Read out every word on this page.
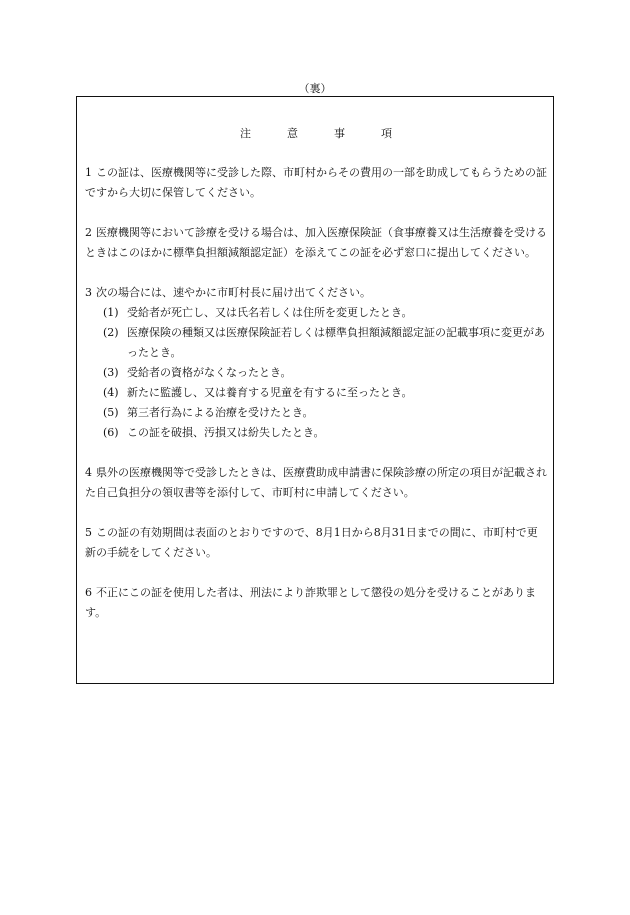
（裏）
注意事項
1 この証は、医療機関等に受診した際、市町村からその費用の一部を助成してもらうための証ですから大切に保管してください。
2 医療機関等において診療を受ける場合は、加入医療保険証（食事療養又は生活療養を受けるときはこのほかに標準負担額減額認定証）を添えてこの証を必ず窓口に提出してください。
3 次の場合には、速やかに市町村長に届け出てください。
(1) 受給者が死亡し、又は氏名若しくは住所を変更したとき。
(2) 医療保険の種類又は医療保険証若しくは標準負担額減額認定証の記載事項に変更があったとき。
(3) 受給者の資格がなくなったとき。
(4) 新たに監護し、又は養育する児童を有するに至ったとき。
(5) 第三者行為による治療を受けたとき。
(6) この証を破損、汚損又は紛失したとき。
4 県外の医療機関等で受診したときは、医療費助成申請書に保険診療の所定の項目が記載された自己負担分の領収書等を添付して、市町村に申請してください。
5 この証の有効期間は表面のとおりですので、8月1日から8月31日までの間に、市町村で更新の手続をしてください。
6 不正にこの証を使用した者は、刑法により詐欺罪として懲役の処分を受けることがあります。
